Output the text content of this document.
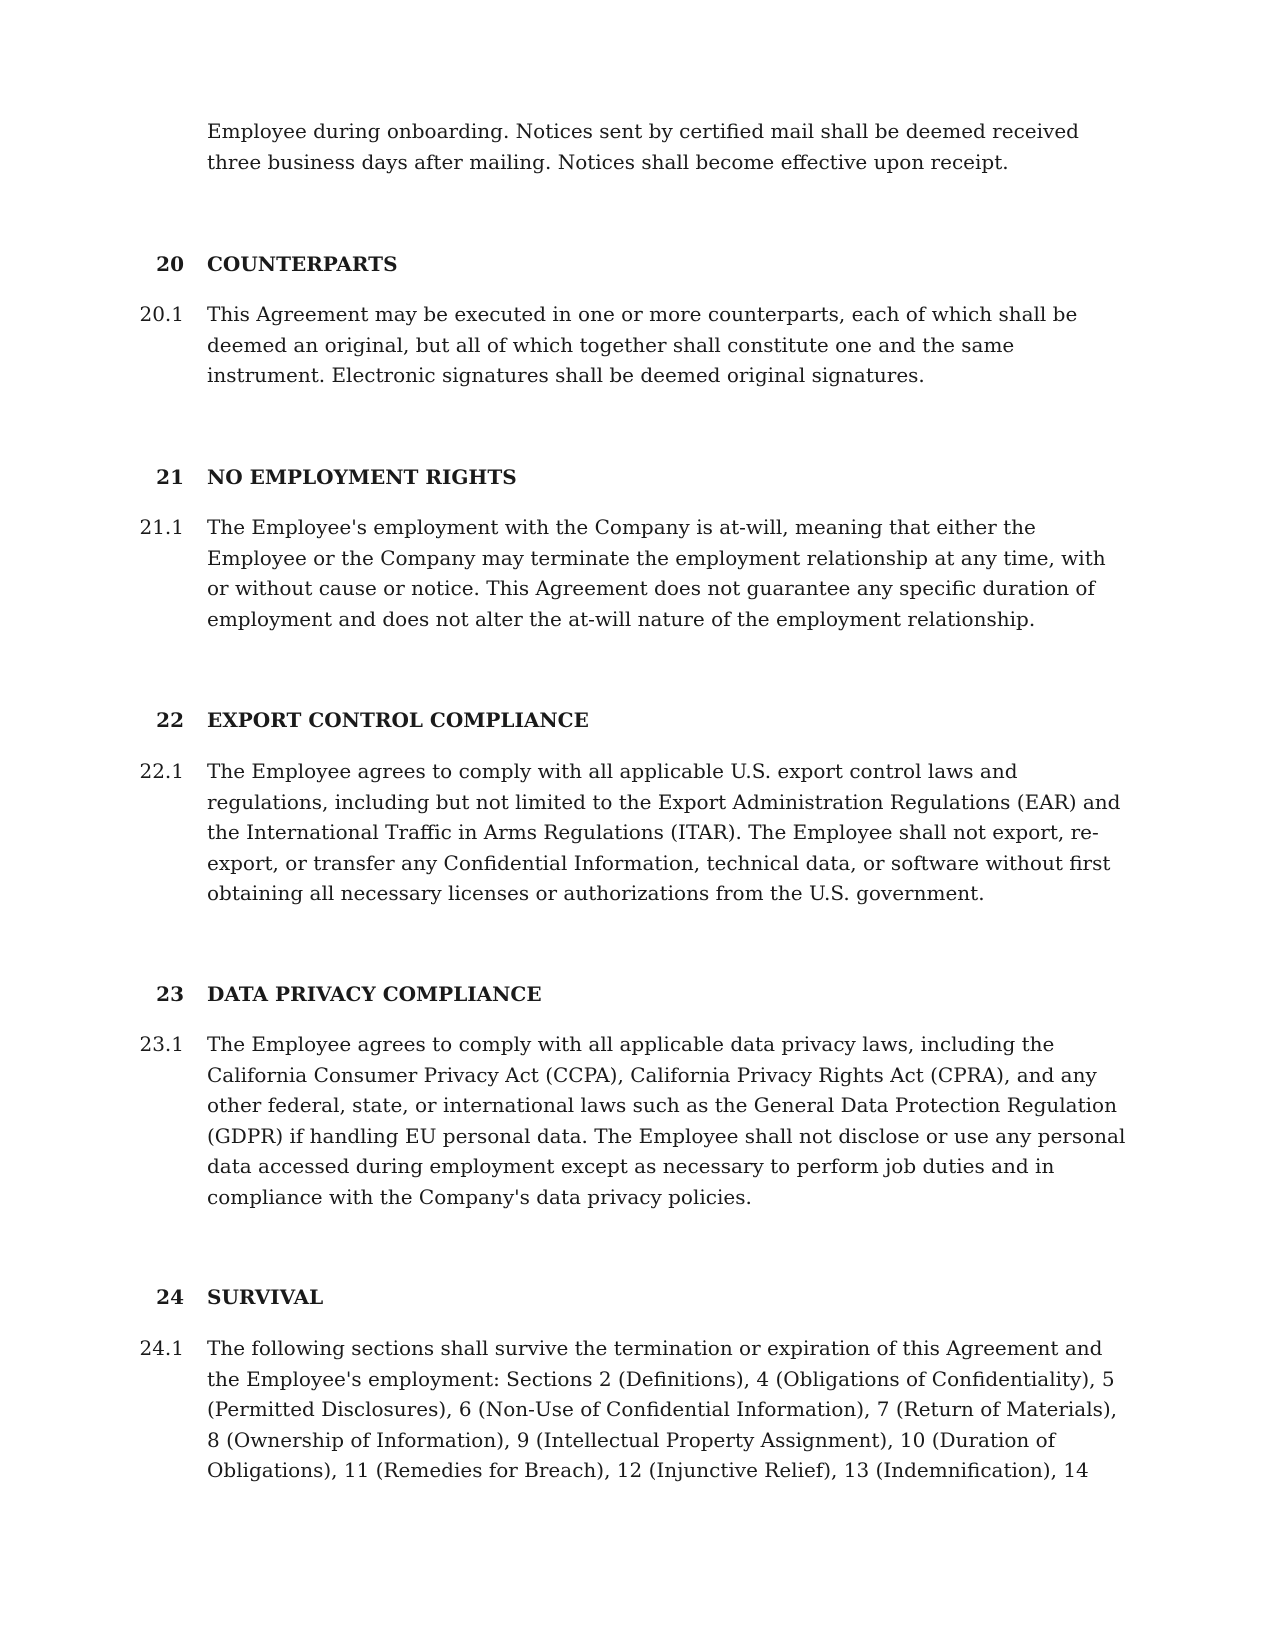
Employee during onboarding. Notices sent by certified mail shall be deemed received three business days after mailing. Notices shall become effective upon receipt.

20 COUNTERPARTS
20.1 This Agreement may be executed in one or more counterparts, each of which shall be deemed an original, but all of which together shall constitute one and the same instrument. Electronic signatures shall be deemed original signatures.

21 NO EMPLOYMENT RIGHTS
21.1 The Employee's employment with the Company is at-will, meaning that either the Employee or the Company may terminate the employment relationship at any time, with or without cause or notice. This Agreement does not guarantee any specific duration of employment and does not alter the at-will nature of the employment relationship.

22 EXPORT CONTROL COMPLIANCE
22.1 The Employee agrees to comply with all applicable U.S. export control laws and regulations, including but not limited to the Export Administration Regulations (EAR) and the International Traffic in Arms Regulations (ITAR). The Employee shall not export, re-export, or transfer any Confidential Information, technical data, or software without first obtaining all necessary licenses or authorizations from the U.S. government.

23 DATA PRIVACY COMPLIANCE
23.1 The Employee agrees to comply with all applicable data privacy laws, including the California Consumer Privacy Act (CCPA), California Privacy Rights Act (CPRA), and any other federal, state, or international laws such as the General Data Protection Regulation (GDPR) if handling EU personal data. The Employee shall not disclose or use any personal data accessed during employment except as necessary to perform job duties and in compliance with the Company's data privacy policies.

24 SURVIVAL
24.1 The following sections shall survive the termination or expiration of this Agreement and the Employee's employment: Sections 2 (Definitions), 4 (Obligations of Confidentiality), 5 (Permitted Disclosures), 6 (Non-Use of Confidential Information), 7 (Return of Materials), 8 (Ownership of Information), 9 (Intellectual Property Assignment), 10 (Duration of Obligations), 11 (Remedies for Breach), 12 (Injunctive Relief), 13 (Indemnification), 14
